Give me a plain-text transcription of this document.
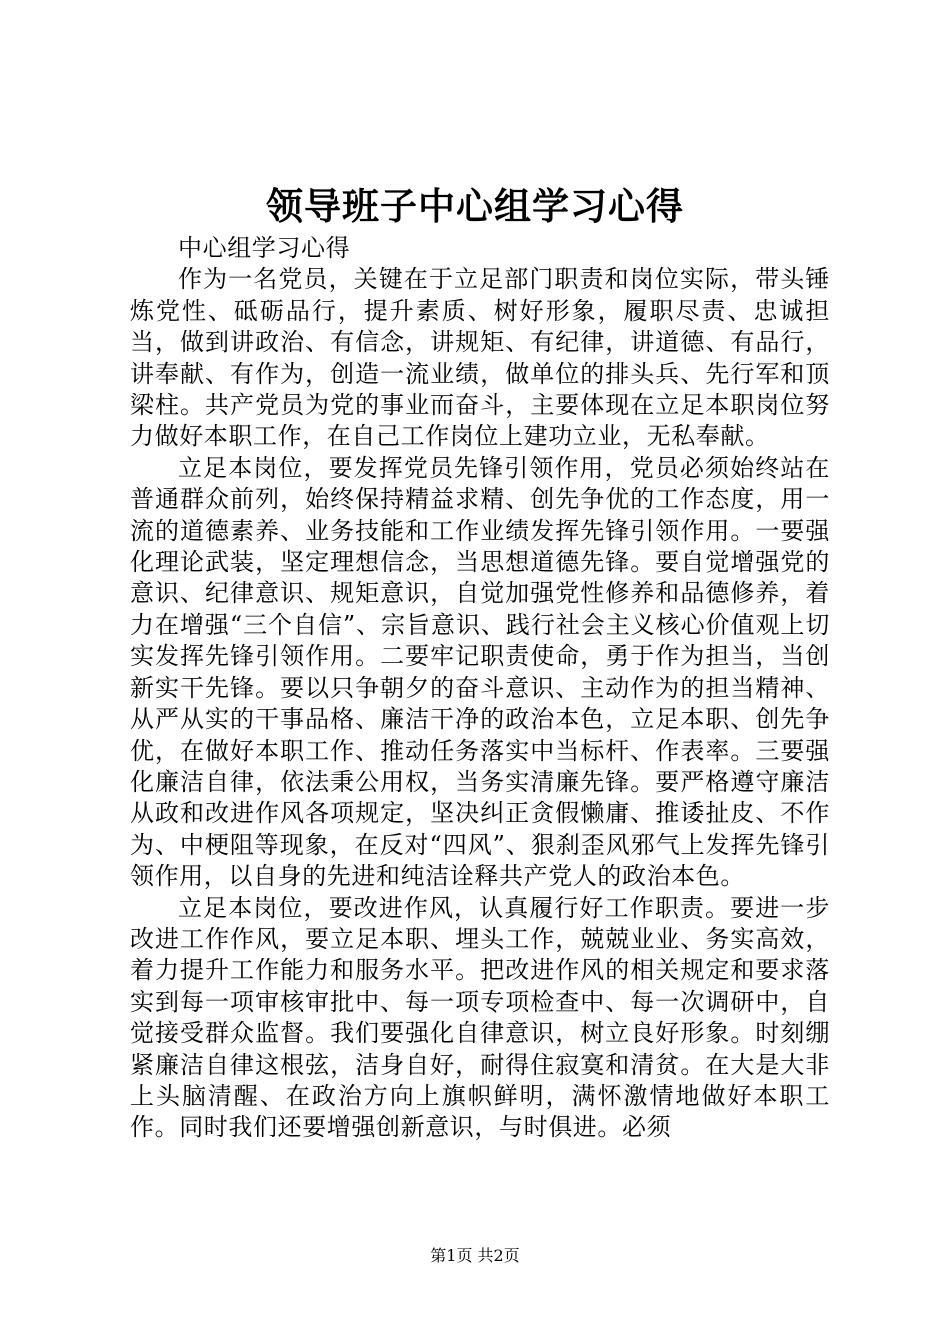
领导班子中心组学习心得

中心组学习心得

作为一名党员，关键在于立足部门职责和岗位实际，带头锤炼党性、砥砺品行，提升素质、树好形象，履职尽责、忠诚担当，做到讲政治、有信念，讲规矩、有纪律，讲道德、有品行，讲奉献、有作为，创造一流业绩，做单位的排头兵、先行军和顶梁柱。共产党员为党的事业而奋斗，主要体现在立足本职岗位努力做好本职工作，在自己工作岗位上建功立业，无私奉献。

立足本岗位，要发挥党员先锋引领作用，党员必须始终站在普通群众前列，始终保持精益求精、创先争优的工作态度，用一流的道德素养、业务技能和工作业绩发挥先锋引领作用。一要强化理论武装，坚定理想信念，当思想道德先锋。要自觉增强党的意识、纪律意识、规矩意识，自觉加强党性修养和品德修养，着力在增强“三个自信”、宗旨意识、践行社会主义核心价值观上切实发挥先锋引领作用。二要牢记职责使命，勇于作为担当，当创新实干先锋。要以只争朝夕的奋斗意识、主动作为的担当精神、从严从实的干事品格、廉洁干净的政治本色，立足本职、创先争优，在做好本职工作、推动任务落实中当标杆、作表率。三要强化廉洁自律，依法秉公用权，当务实清廉先锋。要严格遵守廉洁从政和改进作风各项规定，坚决纠正贪假懒庸、推诿扯皮、不作为、中梗阻等现象，在反对“四风”、狠刹歪风邪气上发挥先锋引领作用，以自身的先进和纯洁诠释共产党人的政治本色。

立足本岗位，要改进作风，认真履行好工作职责。要进一步改进工作作风，要立足本职、埋头工作，兢兢业业、务实高效，着力提升工作能力和服务水平。把改进作风的相关规定和要求落实到每一项审核审批中、每一项专项检查中、每一次调研中，自觉接受群众监督。我们要强化自律意识，树立良好形象。时刻绷紧廉洁自律这根弦，洁身自好，耐得住寂寞和清贫。在大是大非上头脑清醒、在政治方向上旗帜鲜明，满怀激情地做好本职工作。同时我们还要增强创新意识，与时俱进。必须

第1页 共2页
